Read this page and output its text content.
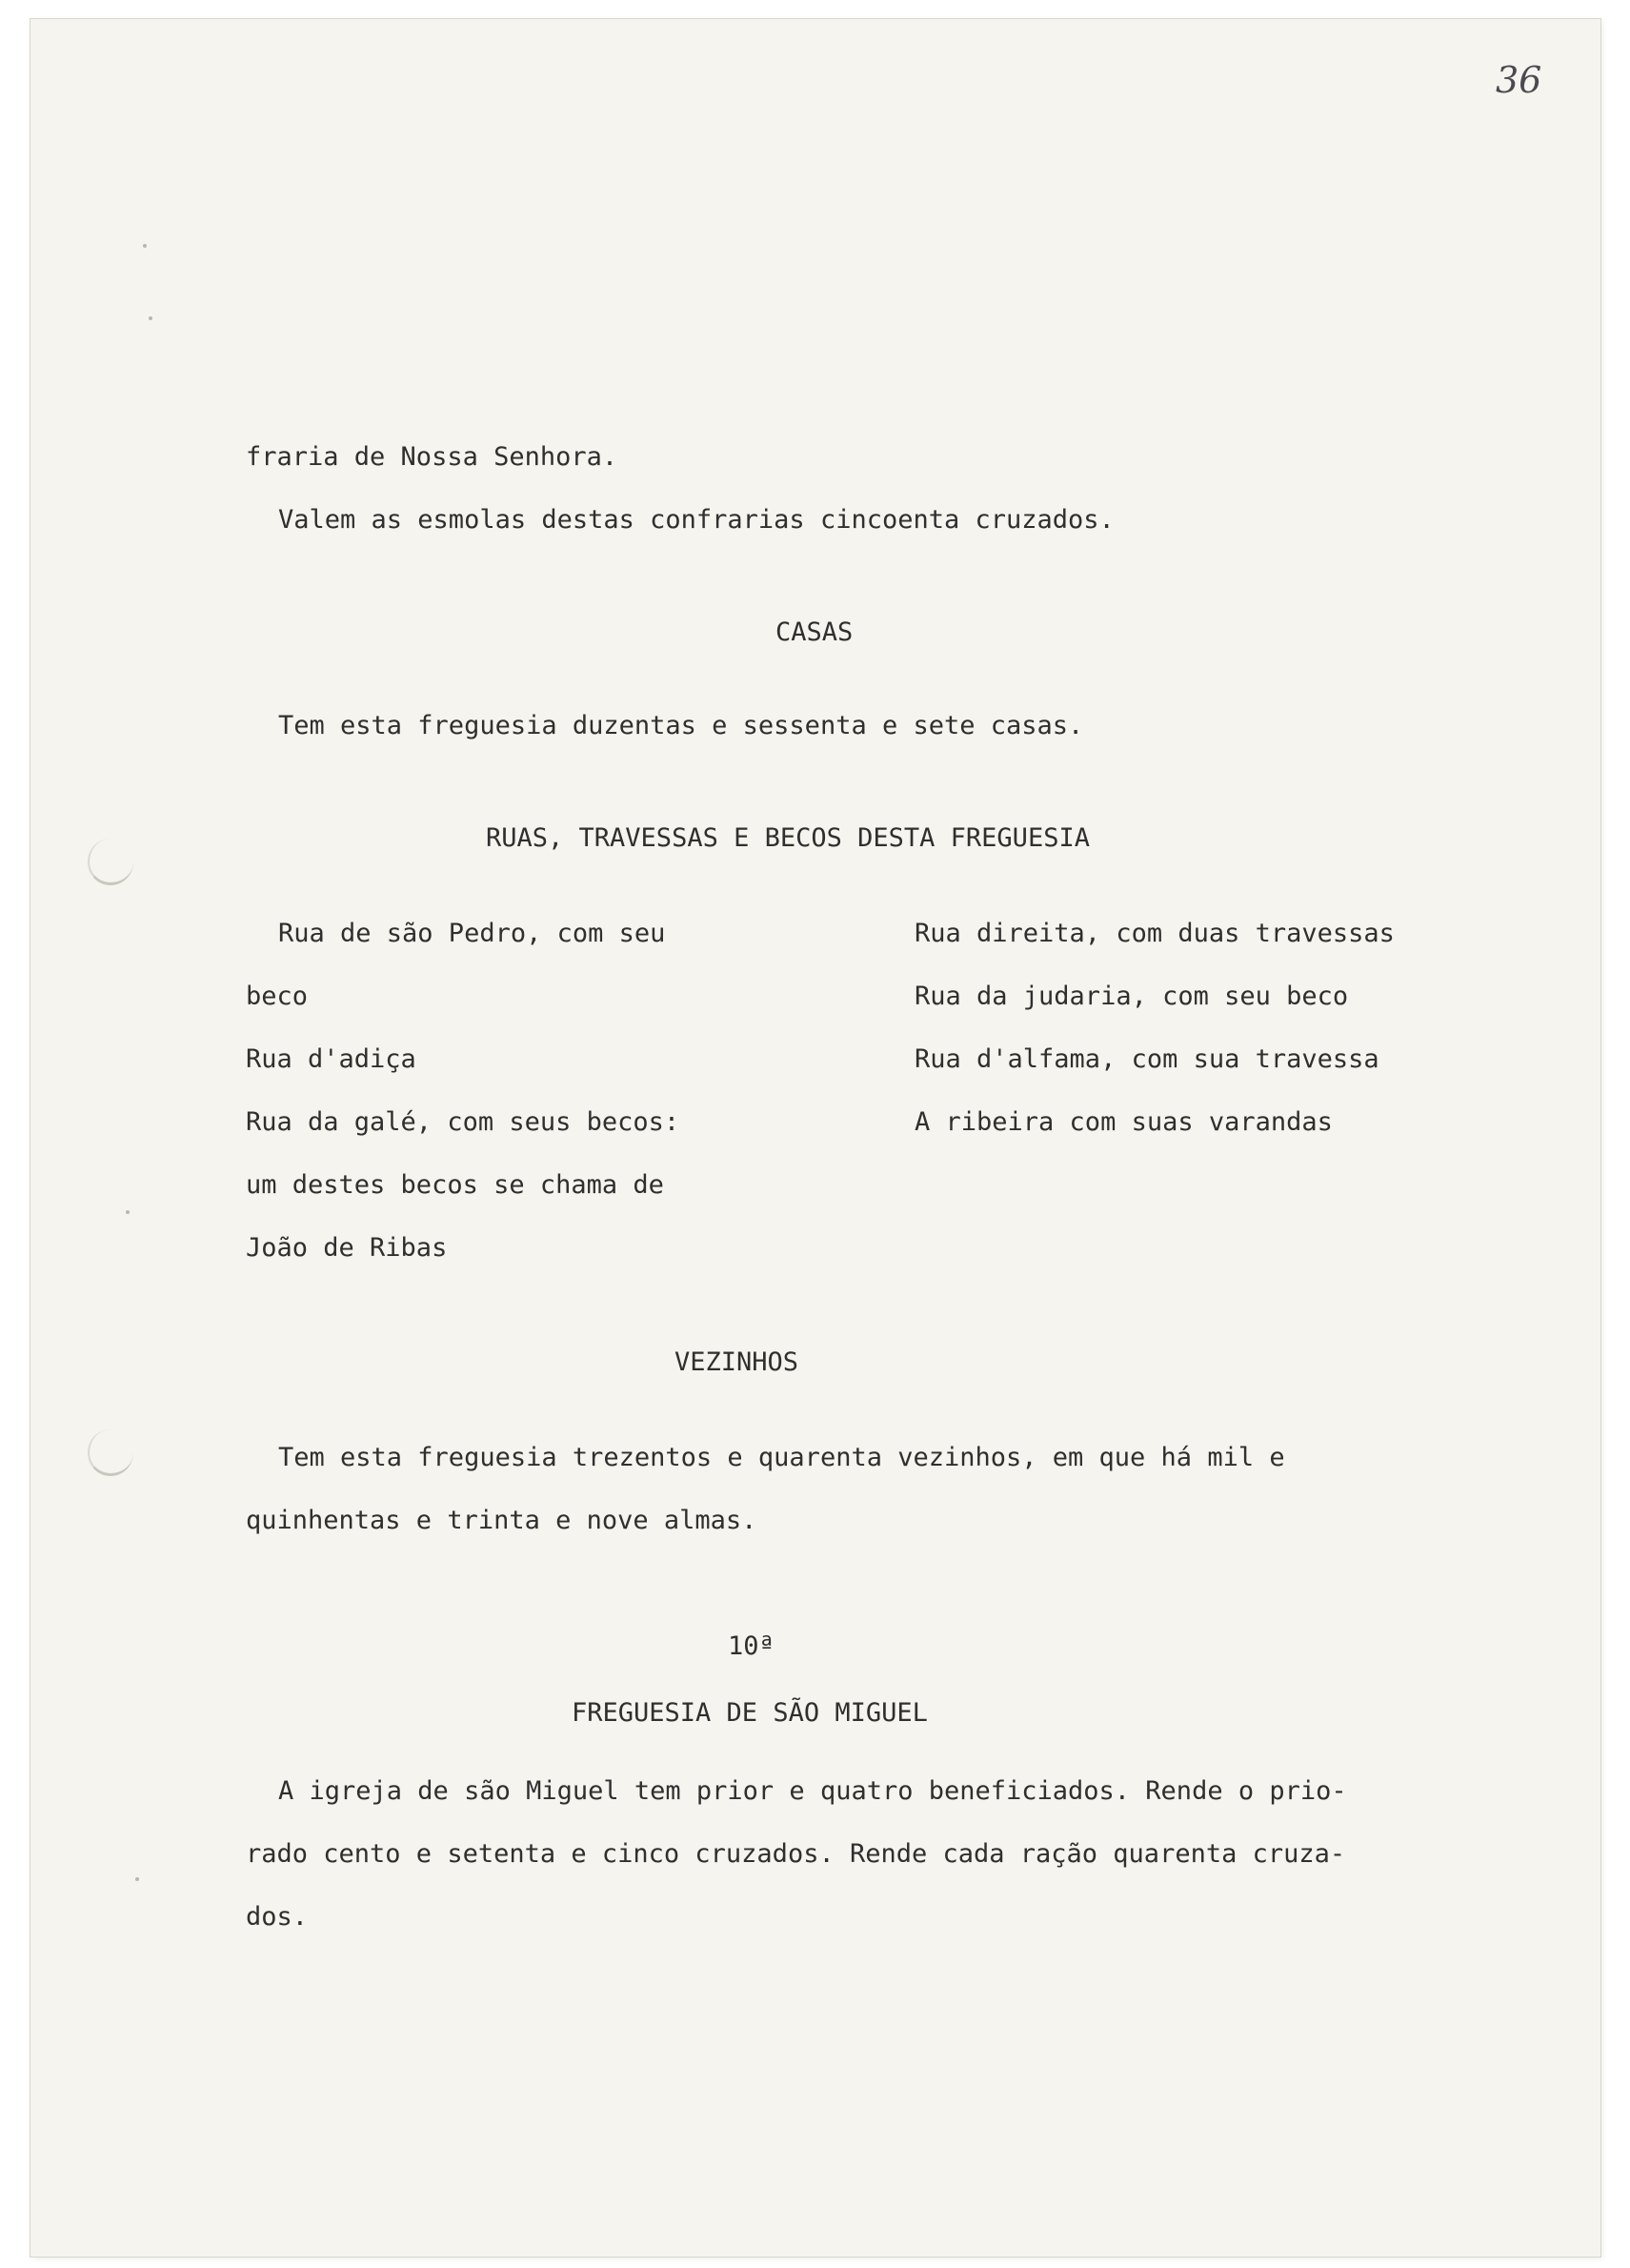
36
fraria de Nossa Senhora.
Valem as esmolas destas confrarias cincoenta cruzados.
CASAS
Tem esta freguesia duzentas e sessenta e sete casas.
RUAS, TRAVESSAS E BECOS DESTA FREGUESIA
Rua de são Pedro, com seu
beco
Rua d'adiça
Rua da galé, com seus becos:
um destes becos se chama de
João de Ribas
Rua direita, com duas travessas
Rua da judaria, com seu beco
Rua d'alfama, com sua travessa
A ribeira com suas varandas
VEZINHOS
Tem esta freguesia trezentos e quarenta vezinhos, em que há mil e
quinhentas e trinta e nove almas.
10ª
FREGUESIA DE SÃO MIGUEL
A igreja de são Miguel tem prior e quatro beneficiados. Rende o prio-
rado cento e setenta e cinco cruzados. Rende cada ração quarenta cruza-
dos.
